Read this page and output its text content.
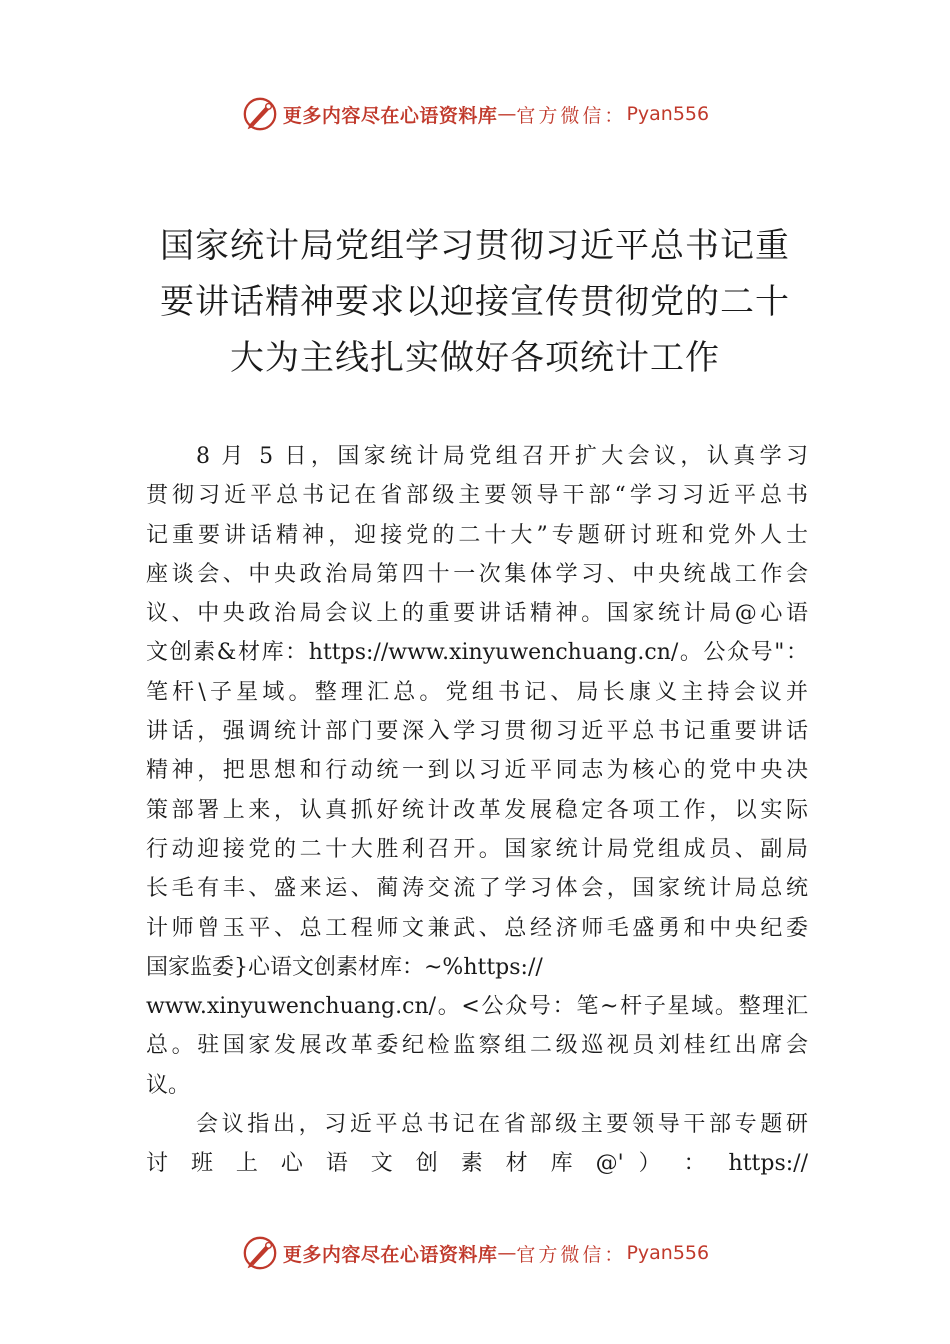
更多内容尽在心语资料库 — 官方微信： Pyan556
国家统计局党组学习贯彻习近平总书记重
要讲话精神要求以迎接宣传贯彻党的二十
大为主线扎实做好各项统计工作
8 月 5 日，国家统计局党组召开扩大会议，认真学习
贯彻习近平总书记在省部级主要领导干部“学习习近平总书
记重要讲话精神，迎接党的二十大”专题研讨班和党外人士
座谈会、中央政治局第四十一次集体学习、中央统战工作会
议、中央政治局会议上的重要讲话精神。国家统计局@心语
文创素&材库：https://www.xinyuwenchuang.cn/。公众号"：
笔杆\子星域。整理汇总。党组书记、局长康义主持会议并
讲话，强调统计部门要深入学习贯彻习近平总书记重要讲话
精神，把思想和行动统一到以习近平同志为核心的党中央决
策部署上来，认真抓好统计改革发展稳定各项工作，以实际
行动迎接党的二十大胜利召开。国家统计局党组成员、副局
长毛有丰、盛来运、蔺涛交流了学习体会，国家统计局总统
计师曾玉平、总工程师文兼武、总经济师毛盛勇和中央纪委
国家监委}心语文创素材库：~%https://
www.xinyuwenchuang.cn/。<公众号：笔~杆子星域。整理汇
总。驻国家发展改革委纪检监察组二级巡视员刘桂红出席会
议。
会议指出，习近平总书记在省部级主要领导干部专题研
讨 班 上 心 语 文 创 素 材 库 @' ） ： https://
更多内容尽在心语资料库 — 官方微信： Pyan556
